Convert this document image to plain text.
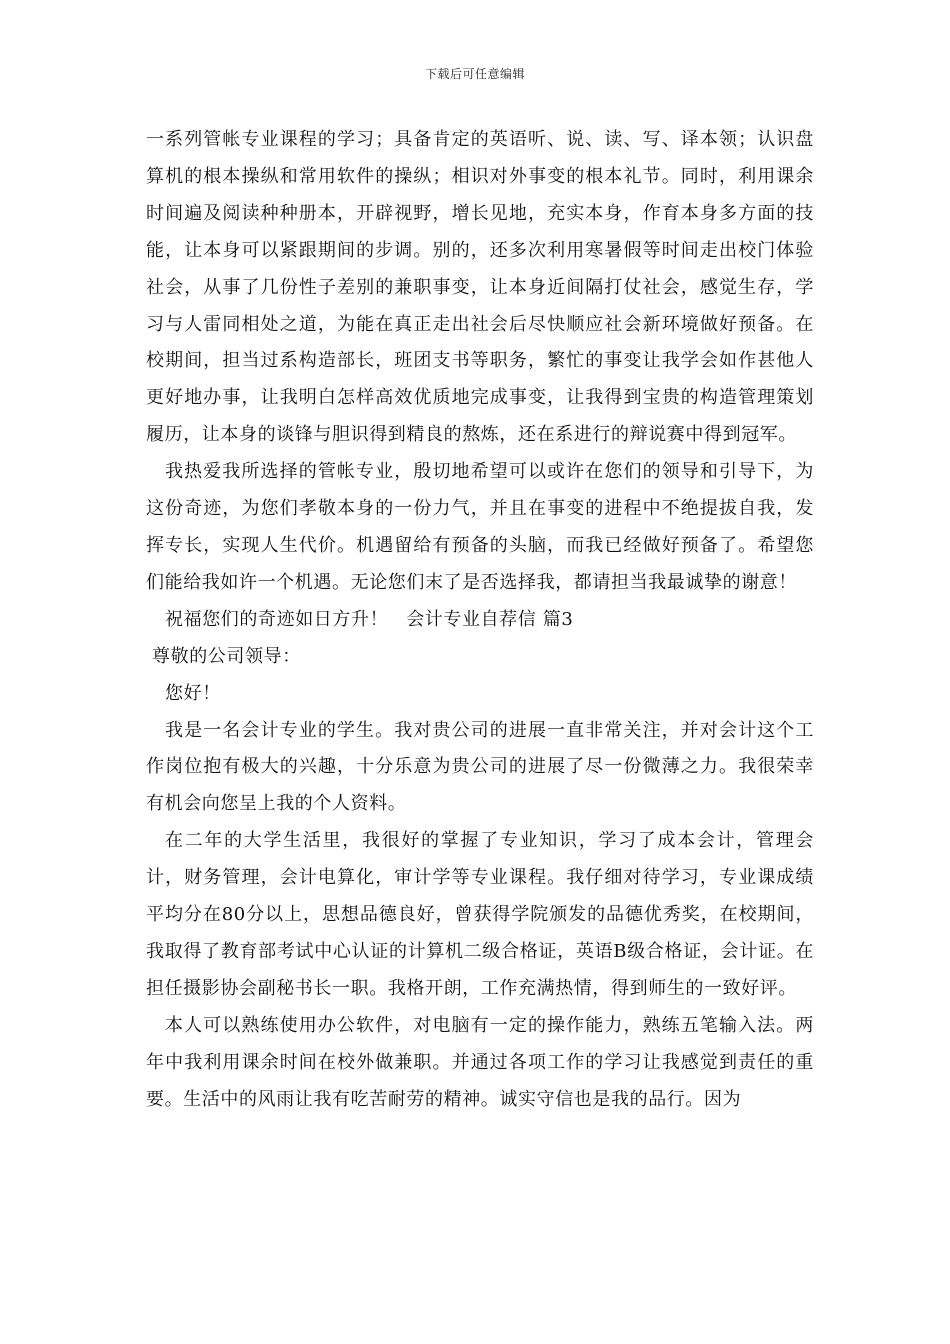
下载后可任意编辑

一系列管帐专业课程的学习；具备肯定的英语听、说、读、写、译本领；认识盘算机的根本操纵和常用软件的操纵；相识对外事变的根本礼节。同时，利用课余时间遍及阅读种种册本，开辟视野，增长见地，充实本身，作育本身多方面的技能，让本身可以紧跟期间的步调。别的，还多次利用寒暑假等时间走出校门体验社会，从事了几份性子差别的兼职事变，让本身近间隔打仗社会，感觉生存，学习与人雷同相处之道，为能在真正走出社会后尽快顺应社会新环境做好预备。在校期间，担当过系构造部长，班团支书等职务，繁忙的事变让我学会如作甚他人更好地办事，让我明白怎样高效优质地完成事变，让我得到宝贵的构造管理策划履历，让本身的谈锋与胆识得到精良的熬炼，还在系进行的辩说赛中得到冠军。

我热爱我所选择的管帐专业，殷切地希望可以或许在您们的领导和引导下，为这份奇迹，为您们孝敬本身的一份力气，并且在事变的进程中不绝提拔自我，发挥专长，实现人生代价。机遇留给有预备的头脑，而我已经做好预备了。希望您们能给我如许一个机遇。无论您们末了是否选择我，都请担当我最诚挚的谢意！

祝福您们的奇迹如日方升！ 会计专业自荐信 篇3

尊敬的公司领导：

您好！

我是一名会计专业的学生。我对贵公司的进展一直非常关注，并对会计这个工作岗位抱有极大的兴趣，十分乐意为贵公司的进展了尽一份微薄之力。我很荣幸有机会向您呈上我的个人资料。

在二年的大学生活里，我很好的掌握了专业知识，学习了成本会计，管理会计，财务管理，会计电算化，审计学等专业课程。我仔细对待学习，专业课成绩平均分在80分以上，思想品德良好，曾获得学院颁发的品德优秀奖，在校期间，我取得了教育部考试中心认证的计算机二级合格证，英语B级合格证，会计证。在担任摄影协会副秘书长一职。我格开朗，工作充满热情，得到师生的一致好评。

本人可以熟练使用办公软件，对电脑有一定的操作能力，熟练五笔输入法。两年中我利用课余时间在校外做兼职。并通过各项工作的学习让我感觉到责任的重要。生活中的风雨让我有吃苦耐劳的精神。诚实守信也是我的品行。因为
